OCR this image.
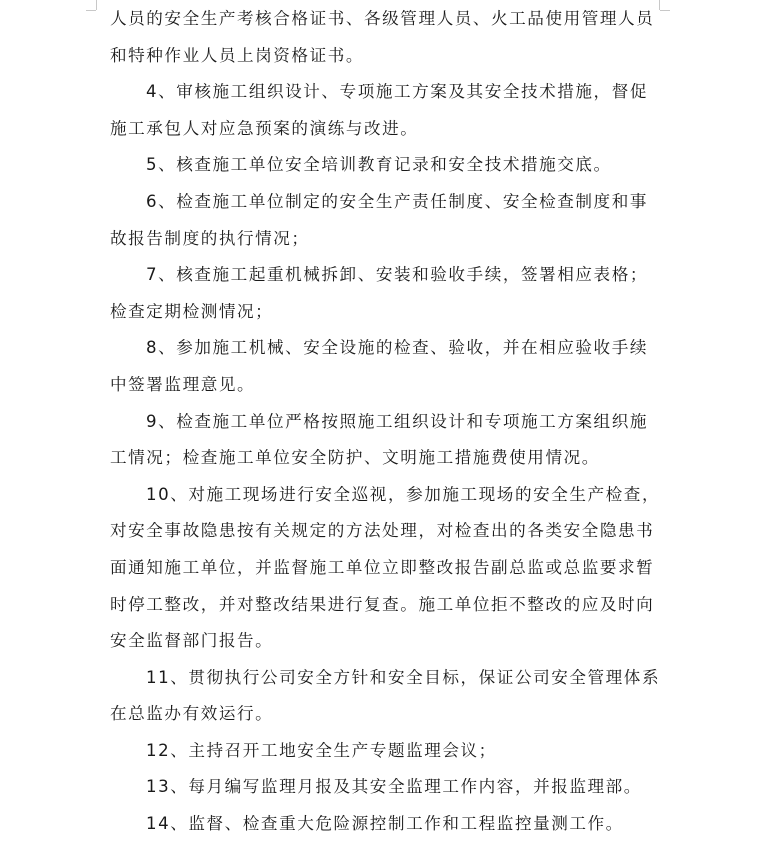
人员的安全生产考核合格证书、各级管理人员、火工品使用管理人员
和特种作业人员上岗资格证书。
4、审核施工组织设计、专项施工方案及其安全技术措施，督促
施工承包人对应急预案的演练与改进。
5、核查施工单位安全培训教育记录和安全技术措施交底。
6、检查施工单位制定的安全生产责任制度、安全检查制度和事
故报告制度的执行情况；
7、核查施工起重机械拆卸、安装和验收手续，签署相应表格；
检查定期检测情况；
8、参加施工机械、安全设施的检查、验收，并在相应验收手续
中签署监理意见。
9、检查施工单位严格按照施工组织设计和专项施工方案组织施
工情况；检查施工单位安全防护、文明施工措施费使用情况。
10、对施工现场进行安全巡视，参加施工现场的安全生产检查，
对安全事故隐患按有关规定的方法处理，对检查出的各类安全隐患书
面通知施工单位，并监督施工单位立即整改报告副总监或总监要求暂
时停工整改，并对整改结果进行复查。施工单位拒不整改的应及时向
安全监督部门报告。
11、贯彻执行公司安全方针和安全目标，保证公司安全管理体系
在总监办有效运行。
12、主持召开工地安全生产专题监理会议；
13、每月编写监理月报及其安全监理工作内容，并报监理部。
14、监督、检查重大危险源控制工作和工程监控量测工作。
